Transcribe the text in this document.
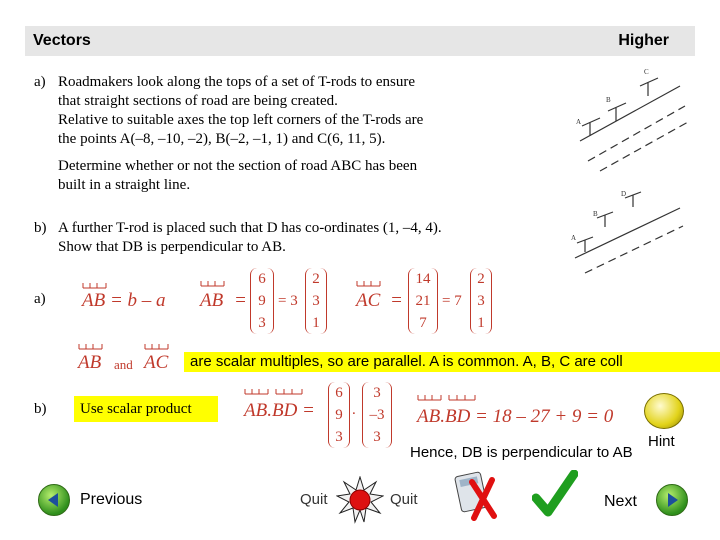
Vectors	Higher
a) Roadmakers look along the tops of a set of T-rods to ensure
that straight sections of road are being created.
Relative to suitable axes the top left corners of the T-rods are
the points A(–8, –10, –2), B(–2, –1, 1) and C(6, 11, 5).
Determine whether or not the section of road ABC has been
built in a straight line.
b) A further T-rod is placed such that D has co-ordinates (1, –4, 4).
Show that DB is perpendicular to AB.
A
B
C
A
B
D
a) AB = b – a AB =
6
9
3
= 3
2
3
1
AC =
14
21
7
= 7
2
3
1
AB and AC	are scalar multiples, so are parallel. A is common. A, B, C are coll
b)	Use scalar product	AB.BD =
6
9
3
.
3
–3
3
AB.BD = 18 – 27 + 9 = 0
Hint
Hence, DB is perpendicular to AB
Previous	Quit	Quit	Next
